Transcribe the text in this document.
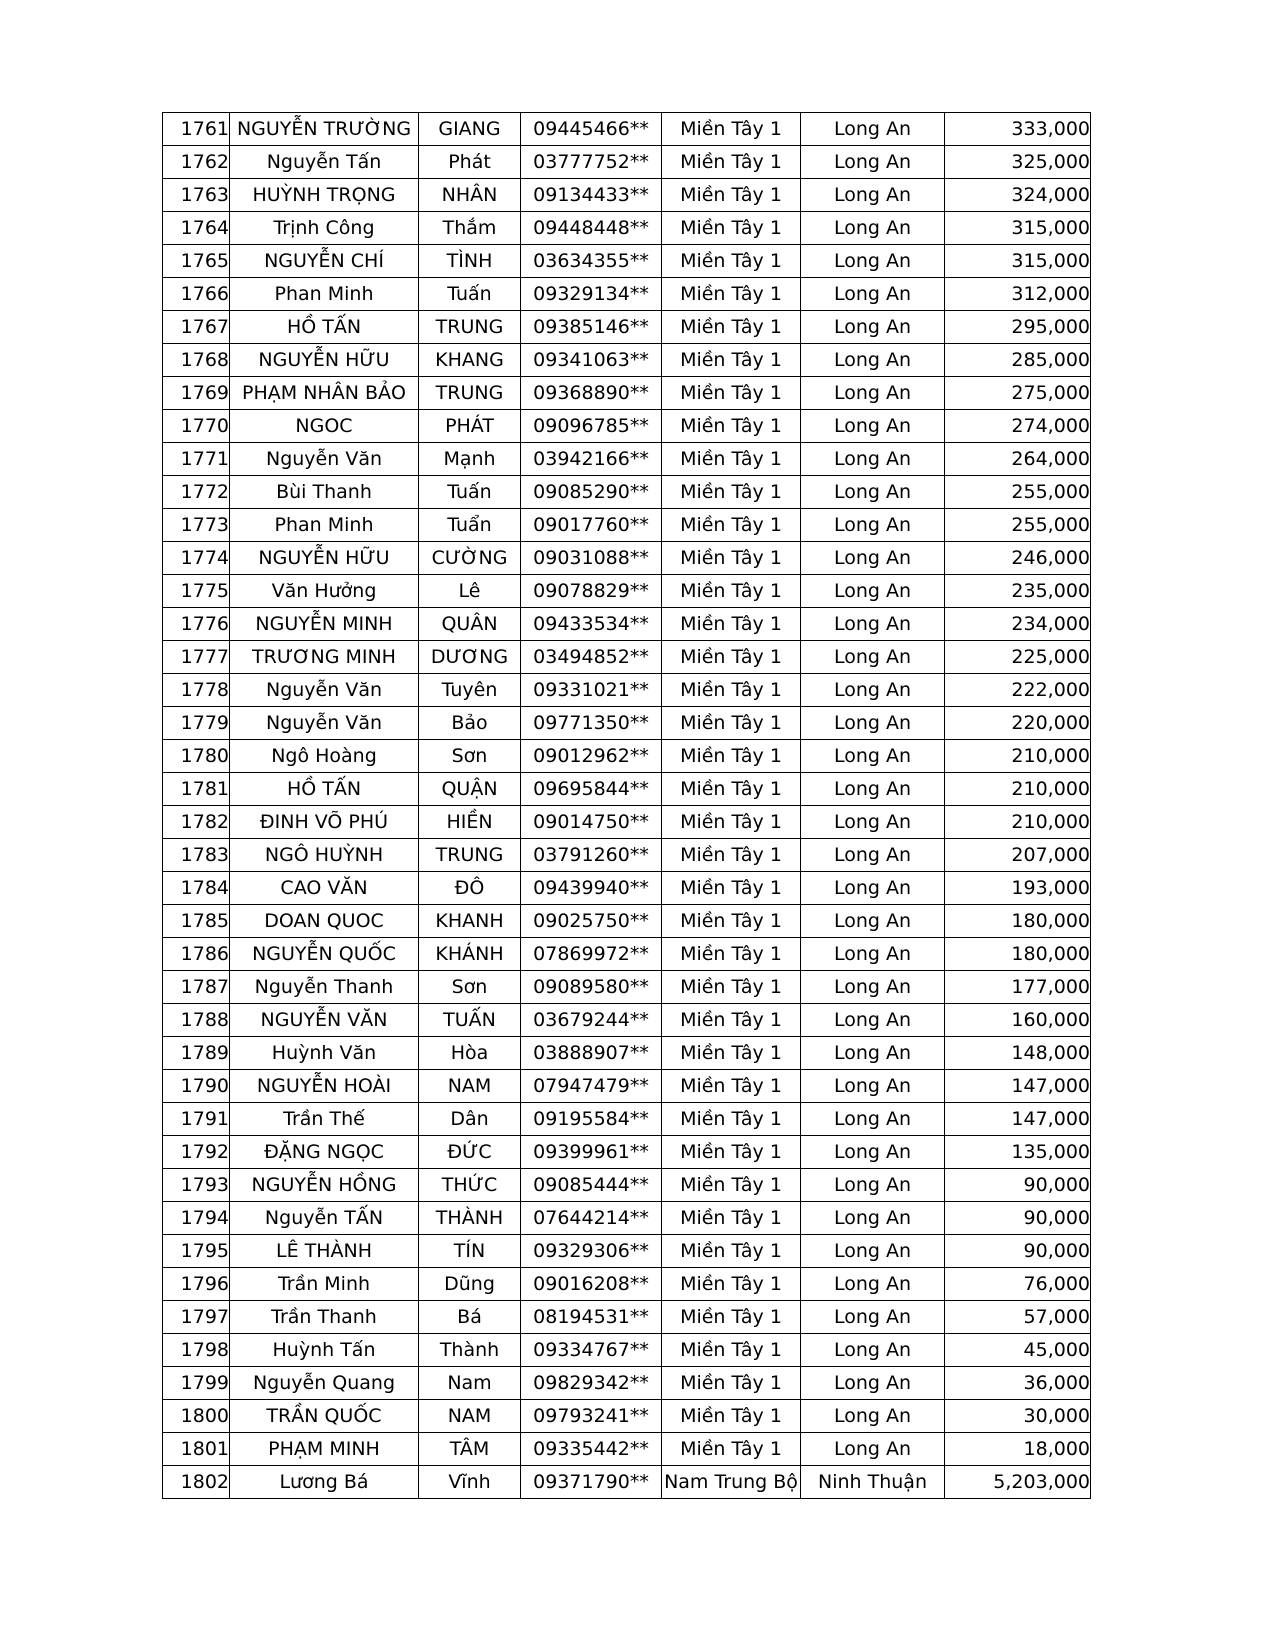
1761	NGUYỄN TRƯỜNG	GIANG	09445466**	Miền Tây 1	Long An	333,000
1762	Nguyễn Tấn	Phát	03777752**	Miền Tây 1	Long An	325,000
1763	HUỲNH TRỌNG	NHÂN	09134433**	Miền Tây 1	Long An	324,000
1764	Trịnh Công	Thắm	09448448**	Miền Tây 1	Long An	315,000
1765	NGUYỄN CHÍ	TÌNH	03634355**	Miền Tây 1	Long An	315,000
1766	Phan Minh	Tuấn	09329134**	Miền Tây 1	Long An	312,000
1767	HỒ TẤN	TRUNG	09385146**	Miền Tây 1	Long An	295,000
1768	NGUYỄN HỮU	KHANG	09341063**	Miền Tây 1	Long An	285,000
1769	PHẠM NHÂN BẢO	TRUNG	09368890**	Miền Tây 1	Long An	275,000
1770	NGOC	PHÁT	09096785**	Miền Tây 1	Long An	274,000
1771	Nguyễn Văn	Mạnh	03942166**	Miền Tây 1	Long An	264,000
1772	Bùi Thanh	Tuấn	09085290**	Miền Tây 1	Long An	255,000
1773	Phan Minh	Tuẩn	09017760**	Miền Tây 1	Long An	255,000
1774	NGUYỄN HỮU	CƯỜNG	09031088**	Miền Tây 1	Long An	246,000
1775	Văn Hưởng	Lê	09078829**	Miền Tây 1	Long An	235,000
1776	NGUYỄN MINH	QUÂN	09433534**	Miền Tây 1	Long An	234,000
1777	TRƯƠNG MINH	DƯƠNG	03494852**	Miền Tây 1	Long An	225,000
1778	Nguyễn Văn	Tuyên	09331021**	Miền Tây 1	Long An	222,000
1779	Nguyễn Văn	Bảo	09771350**	Miền Tây 1	Long An	220,000
1780	Ngô Hoàng	Sơn	09012962**	Miền Tây 1	Long An	210,000
1781	HỒ TẤN	QUẬN	09695844**	Miền Tây 1	Long An	210,000
1782	ĐINH VÕ PHÚ	HIỀN	09014750**	Miền Tây 1	Long An	210,000
1783	NGÔ HUỲNH	TRUNG	03791260**	Miền Tây 1	Long An	207,000
1784	CAO VĂN	ĐÔ	09439940**	Miền Tây 1	Long An	193,000
1785	DOAN QUOC	KHANH	09025750**	Miền Tây 1	Long An	180,000
1786	NGUYỄN QUỐC	KHÁNH	07869972**	Miền Tây 1	Long An	180,000
1787	Nguyễn Thanh	Sơn	09089580**	Miền Tây 1	Long An	177,000
1788	NGUYỄN VĂN	TUẤN	03679244**	Miền Tây 1	Long An	160,000
1789	Huỳnh Văn	Hòa	03888907**	Miền Tây 1	Long An	148,000
1790	NGUYỄN HOÀI	NAM	07947479**	Miền Tây 1	Long An	147,000
1791	Trần Thế	Dân	09195584**	Miền Tây 1	Long An	147,000
1792	ĐẶNG NGỌC	ĐỨC	09399961**	Miền Tây 1	Long An	135,000
1793	NGUYỄN HỒNG	THỨC	09085444**	Miền Tây 1	Long An	90,000
1794	Nguyễn TẤN	THÀNH	07644214**	Miền Tây 1	Long An	90,000
1795	LÊ THÀNH	TÍN	09329306**	Miền Tây 1	Long An	90,000
1796	Trần Minh	Dũng	09016208**	Miền Tây 1	Long An	76,000
1797	Trần Thanh	Bá	08194531**	Miền Tây 1	Long An	57,000
1798	Huỳnh Tấn	Thành	09334767**	Miền Tây 1	Long An	45,000
1799	Nguyễn Quang	Nam	09829342**	Miền Tây 1	Long An	36,000
1800	TRẦN QUỐC	NAM	09793241**	Miền Tây 1	Long An	30,000
1801	PHẠM MINH	TÂM	09335442**	Miền Tây 1	Long An	18,000
1802	Lương Bá	Vĩnh	09371790**	Nam Trung Bộ	Ninh Thuận	5,203,000
